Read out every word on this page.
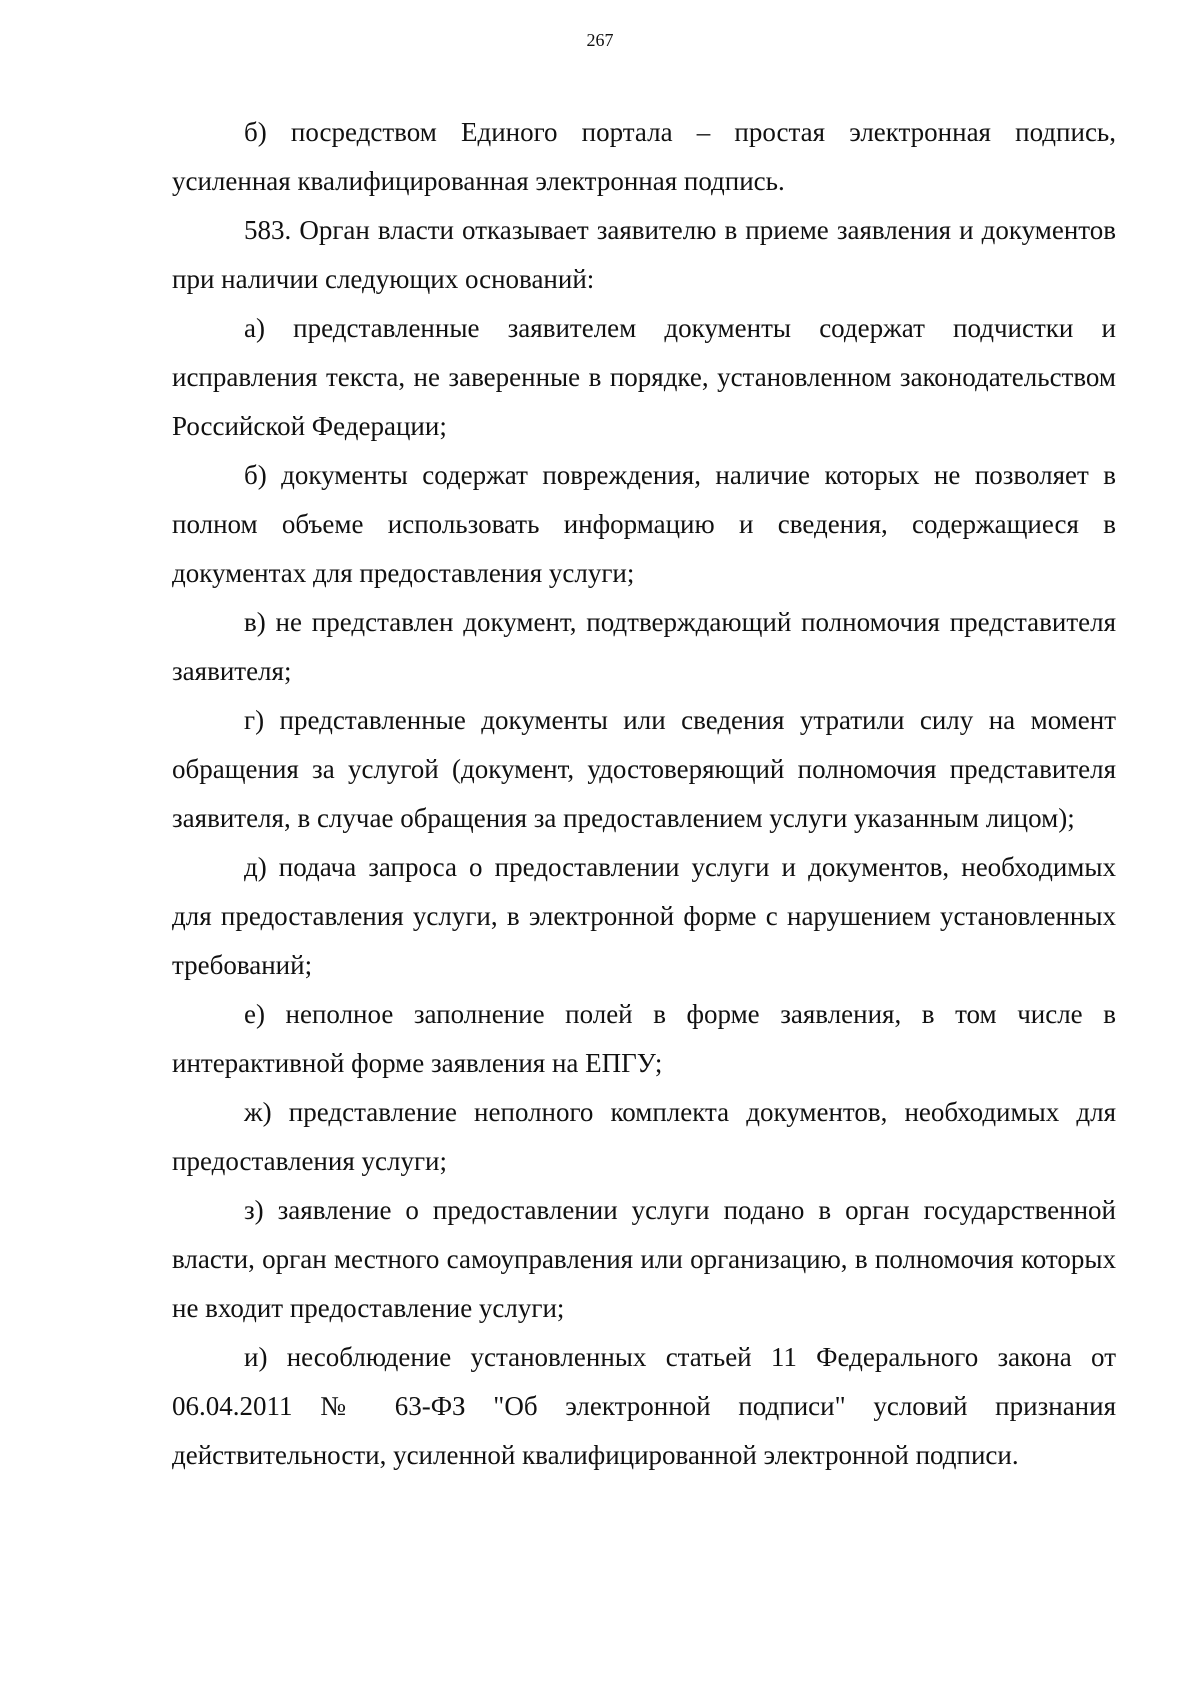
267

б) посредством Единого портала – простая электронная подпись, усиленная квалифицированная электронная подпись.

583. Орган власти отказывает заявителю в приеме заявления и документов при наличии следующих оснований:

а) представленные заявителем документы содержат подчистки и исправления текста, не заверенные в порядке, установленном законодательством Российской Федерации;

б) документы содержат повреждения, наличие которых не позволяет в полном объеме использовать информацию и сведения, содержащиеся в документах для предоставления услуги;

в) не представлен документ, подтверждающий полномочия представителя заявителя;

г) представленные документы или сведения утратили силу на момент обращения за услугой (документ, удостоверяющий полномочия представителя заявителя, в случае обращения за предоставлением услуги указанным лицом);

д) подача запроса о предоставлении услуги и документов, необходимых для предоставления услуги, в электронной форме с нарушением установленных требований;

е) неполное заполнение полей в форме заявления, в том числе в интерактивной форме заявления на ЕПГУ;

ж) представление неполного комплекта документов, необходимых для предоставления услуги;

з) заявление о предоставлении услуги подано в орган государственной власти, орган местного самоуправления или организацию, в полномочия которых не входит предоставление услуги;

и) несоблюдение установленных статьей 11 Федерального закона от 06.04.2011 № 63-ФЗ "Об электронной подписи" условий признания действительности, усиленной квалифицированной электронной подписи.
